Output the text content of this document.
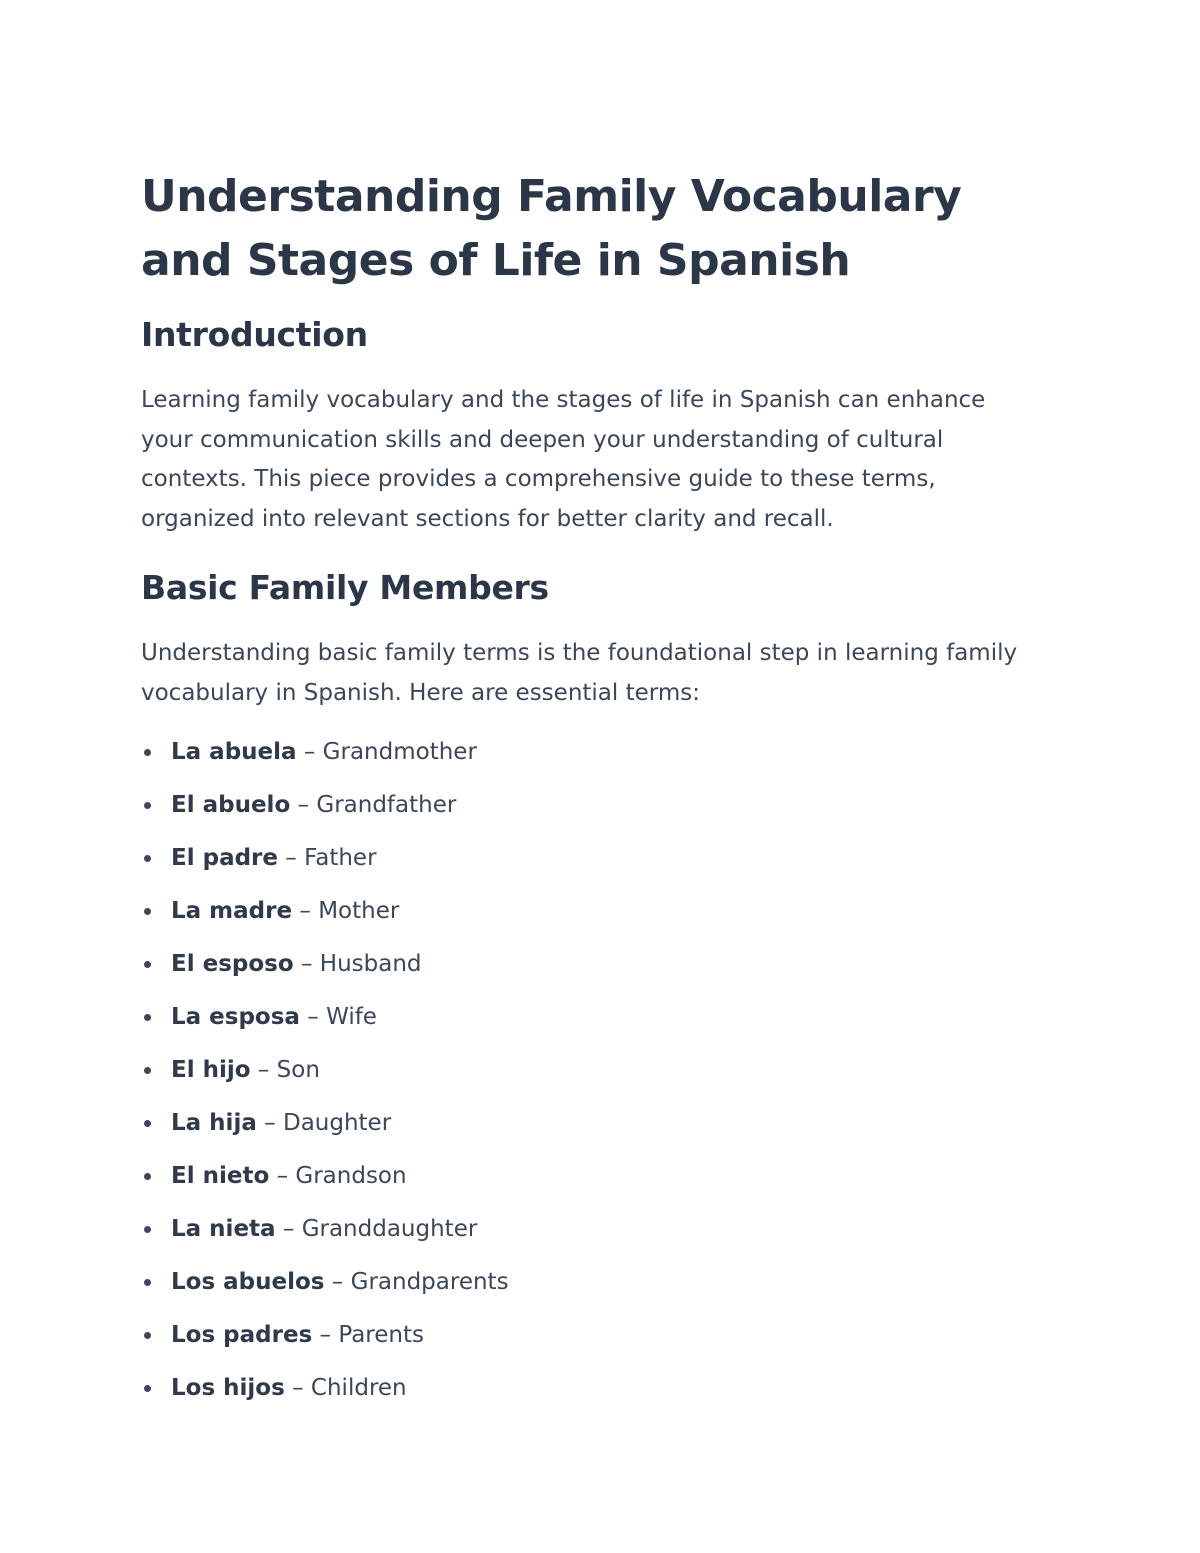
Understanding Family Vocabulary and Stages of Life in Spanish
Introduction

Learning family vocabulary and the stages of life in Spanish can enhance your communication skills and deepen your understanding of cultural contexts. This piece provides a comprehensive guide to these terms, organized into relevant sections for better clarity and recall.

Basic Family Members

Understanding basic family terms is the foundational step in learning family vocabulary in Spanish. Here are essential terms:

La abuela – Grandmother
El abuelo – Grandfather
El padre – Father
La madre – Mother
El esposo – Husband
La esposa – Wife
El hijo – Son
La hija – Daughter
El nieto – Grandson
La nieta – Granddaughter
Los abuelos – Grandparents
Los padres – Parents
Los hijos – Children
